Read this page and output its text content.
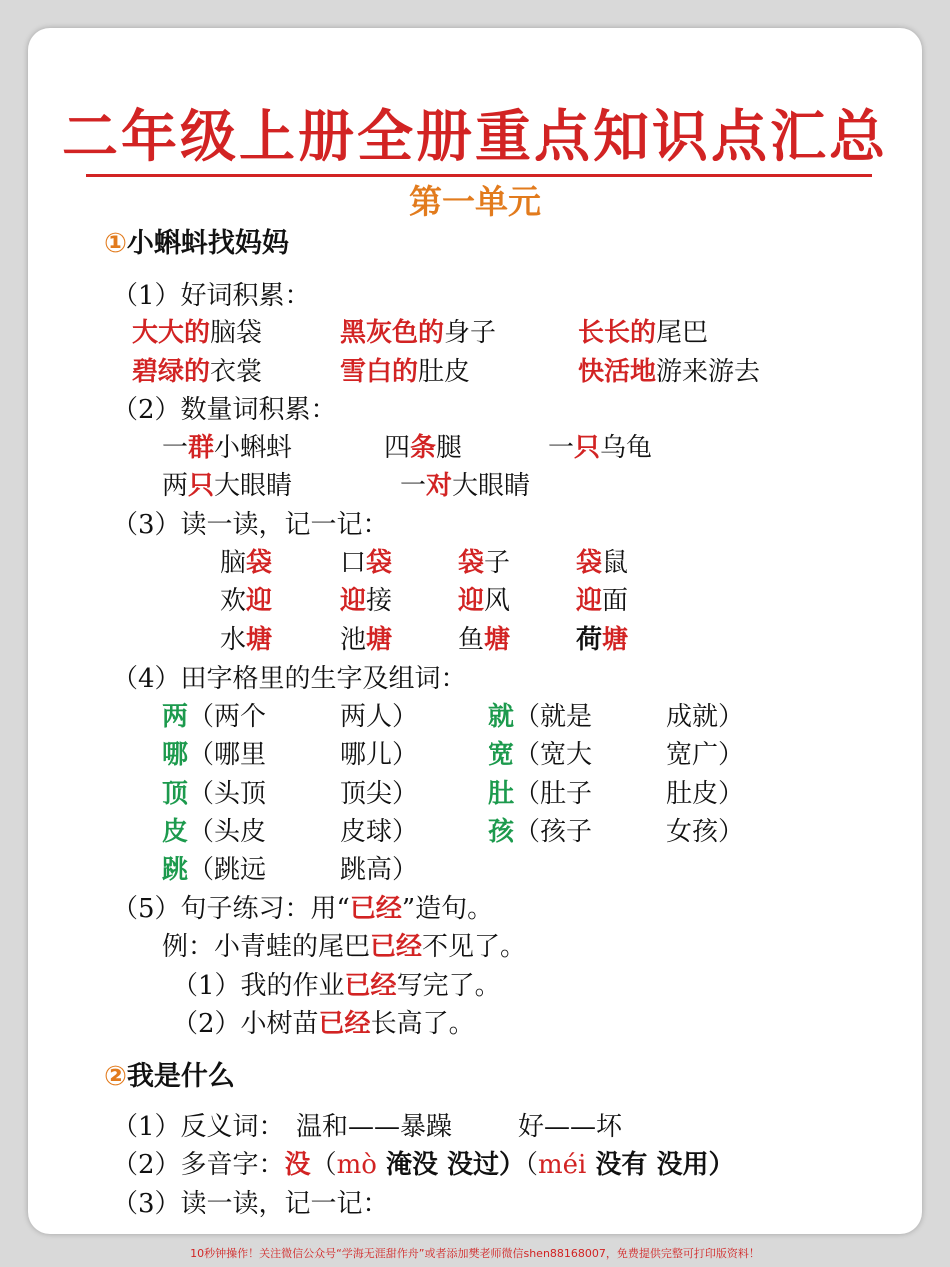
二年级上册全册重点知识点汇总
第一单元
①小蝌蚪找妈妈
（1）好词积累：
大大的脑袋	黑灰色的身子	长长的尾巴
碧绿的衣裳	雪白的肚皮	快活地游来游去
（2）数量词积累：
一群小蝌蚪	四条腿	一只乌龟
两只大眼睛	一对大眼睛
（3）读一读，记一记：
脑袋	口袋	袋子	袋鼠
欢迎	迎接	迎风	迎面
水塘	池塘	鱼塘	荷塘
（4）田字格里的生字及组词：
两（两个	两人）	就（就是	成就）
哪（哪里	哪儿）	宽（宽大	宽广）
顶（头顶	顶尖）	肚（肚子	肚皮）
皮（头皮	皮球）	孩（孩子	女孩）
跳（跳远	跳高）
（5）句子练习：用“已经”造句。
例：小青蛙的尾巴已经不见了。
（1）我的作业已经写完了。
（2）小树苗已经长高了。
②我是什么
（1）反义词： 温和——暴躁	好——坏
（2）多音字：没（mò 淹没 没过）（méi 没有 没用）
（3）读一读，记一记：
10秒钟操作！关注微信公众号“学海无涯甜作舟”或者添加樊老师微信shen88168007，免费提供完整可打印版资料！
